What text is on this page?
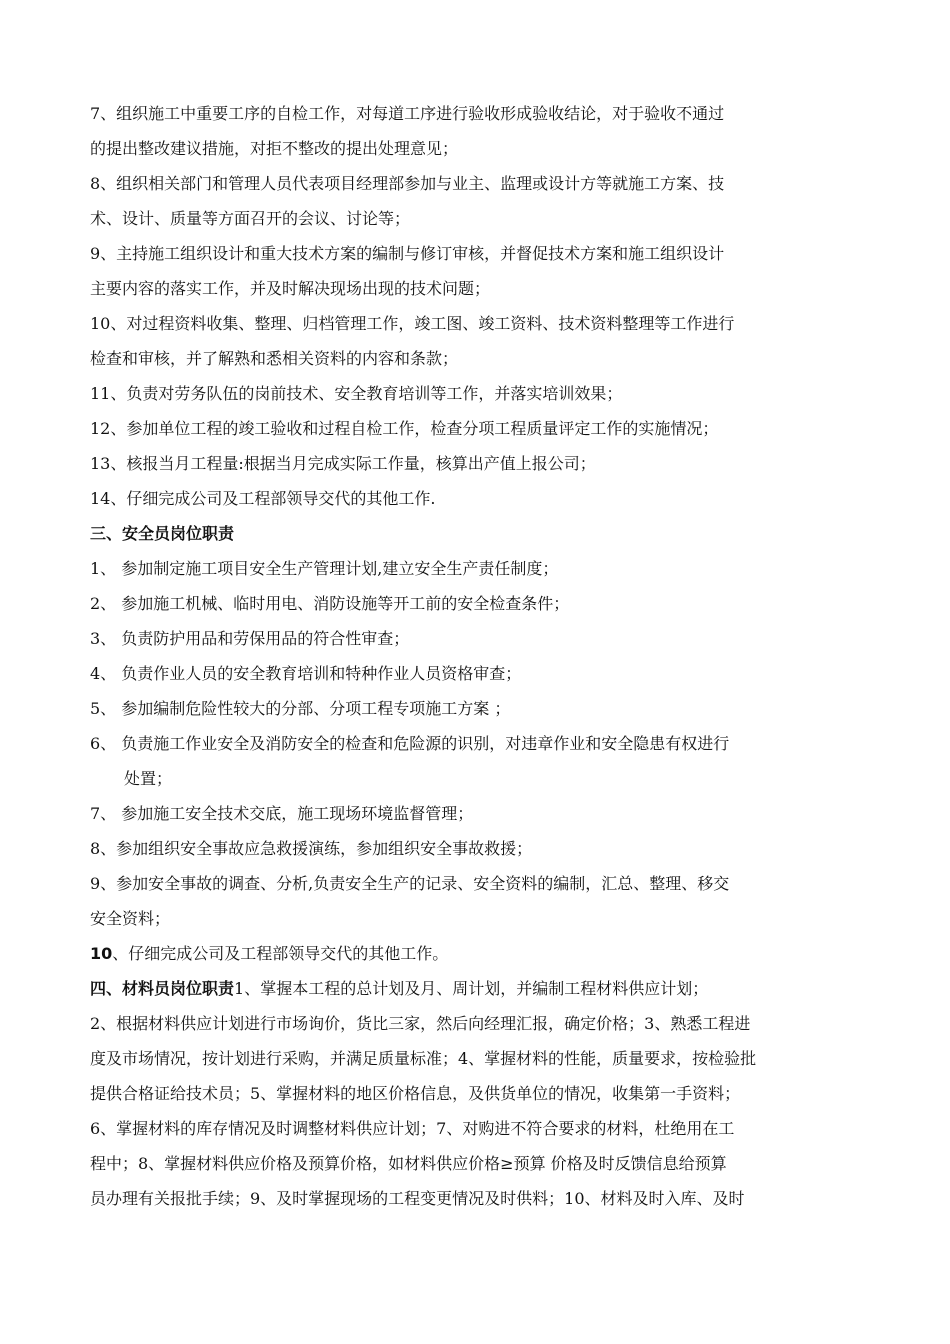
7、组织施工中重要工序的自检工作，对每道工序进行验收形成验收结论，对于验收不通过
的提出整改建议措施，对拒不整改的提出处理意见；
8、组织相关部门和管理人员代表项目经理部参加与业主、监理或设计方等就施工方案、技
术、设计、质量等方面召开的会议、讨论等；
9、主持施工组织设计和重大技术方案的编制与修订审核，并督促技术方案和施工组织设计
主要内容的落实工作，并及时解决现场出现的技术问题；
10、对过程资料收集、整理、归档管理工作，竣工图、竣工资料、技术资料整理等工作进行
检查和审核，并了解熟和悉相关资料的内容和条款；
11、负责对劳务队伍的岗前技术、安全教育培训等工作，并落实培训效果；
12、参加单位工程的竣工验收和过程自检工作，检查分项工程质量评定工作的实施情况；
13、核报当月工程量:根据当月完成实际工作量，核算出产值上报公司；
14、仔细完成公司及工程部领导交代的其他工作.
三、安全员岗位职责
1、 参加制定施工项目安全生产管理计划,建立安全生产责任制度；
2、 参加施工机械、临时用电、消防设施等开工前的安全检查条件；
3、 负责防护用品和劳保用品的符合性审查；
4、 负责作业人员的安全教育培训和特种作业人员资格审查；
5、 参加编制危险性较大的分部、分项工程专项施工方案 ；
6、 负责施工作业安全及消防安全的检查和危险源的识别，对违章作业和安全隐患有权进行
处置；
7、 参加施工安全技术交底，施工现场环境监督管理；
8、参加组织安全事故应急救援演练，参加组织安全事故救援；
9、参加安全事故的调查、分析,负责安全生产的记录、安全资料的编制，汇总、整理、移交
安全资料；
10、仔细完成公司及工程部领导交代的其他工作。
四、材料员岗位职责1、掌握本工程的总计划及月、周计划，并编制工程材料供应计划；
2、根据材料供应计划进行市场询价，货比三家，然后向经理汇报，确定价格；3、熟悉工程进
度及市场情况，按计划进行采购，并满足质量标准；4、掌握材料的性能，质量要求，按检验批
提供合格证给技术员；5、掌握材料的地区价格信息，及供货单位的情况，收集第一手资料；
6、掌握材料的库存情况及时调整材料供应计划；7、对购进不符合要求的材料，杜绝用在工
程中；8、掌握材料供应价格及预算价格，如材料供应价格≥预算 价格及时反馈信息给预算
员办理有关报批手续；9、及时掌握现场的工程变更情况及时供料；10、材料及时入库、及时
